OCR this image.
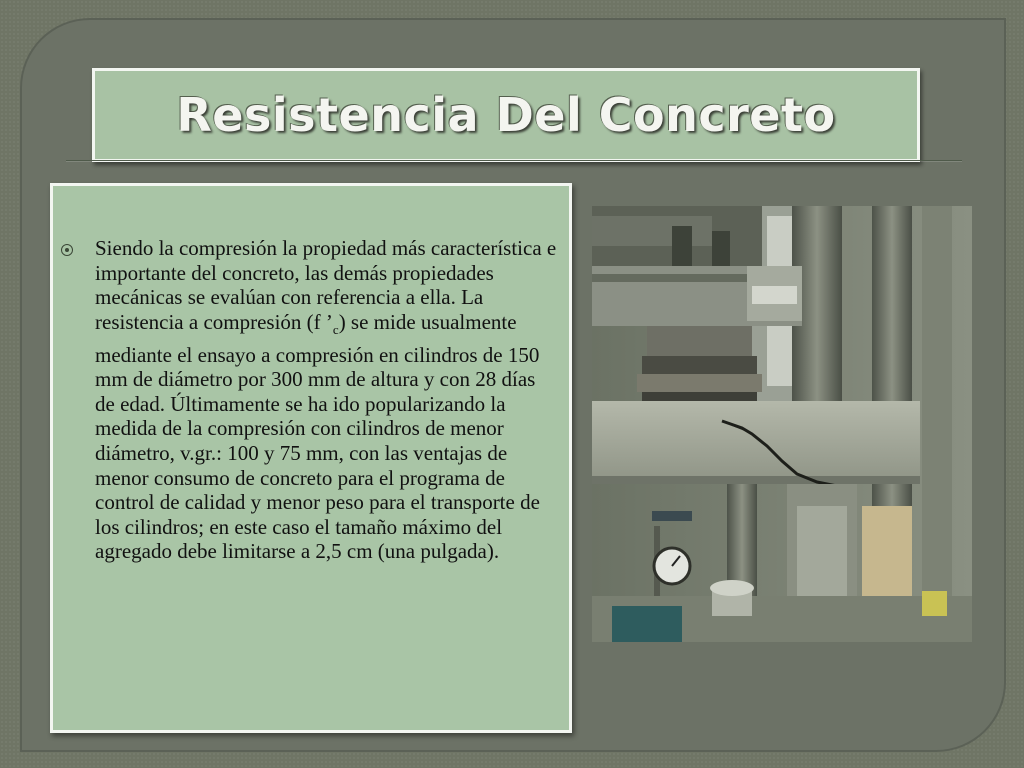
Resistencia Del Concreto

Siendo la compresión la propiedad más característica e importante del concreto, las demás propiedades mecánicas se evalúan con referencia a ella. La resistencia a compresión (f $’_c$) se mide usualmente mediante el ensayo a compresión en cilindros de 150 mm de diámetro por 300 mm de altura y con 28 días de edad. Últimamente se ha ido popularizando la medida de la compresión con cilindros de menor diámetro, v.gr.: 100 y 75 mm, con las ventajas de menor consumo de concreto para el programa de control de calidad y menor peso para el transporte de los cilindros; en este caso el tamaño máximo del agregado debe limitarse a 2,5 cm (una pulgada).
